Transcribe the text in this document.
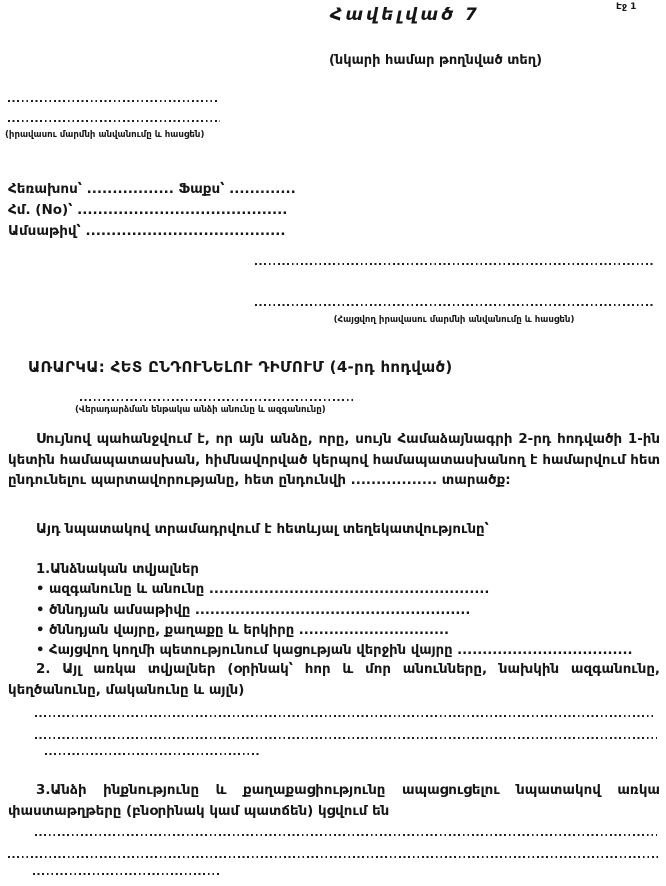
Հավելված 7	Էջ 1
(նկարի համար թողնված տեղ)
(իրավասու մարմնի անվանումը և հասցեն)
Հեռախոս՝ ................. Ֆաքս՝ .............
Հմ. (No)՝ .........................................
Ամսաթիվ՝ .......................................
(Հայցվող իրավասու մարմնի անվանումը և հասցեն)
ԱՌԱՐԿԱ: ՀԵՏ ԸՆԴՈՒՆԵԼՈՒ ԴԻՄՈՒՄ (4-րդ հոդված)
(Վերադարձման ենթակա անձի անունը և ազգանունը)
Սույնով պահանջվում է, որ այն անձը, որը, սույն Համաձայնագրի 2-րդ հոդվածի 1-ին կետին համապատասխան, հիմնավորված կերպով համապատասխանող է համարվում հետ ընդունելու պարտավորությանը, հետ ընդունվի ................. տարածք:
Այդ նպատակով տրամադրվում է հետևյալ տեղեկատվությունը՝
1.Անձնական տվյալներ
• ազգանունը և անունը ........................................................
• ծննդյան ամսաթիվը .......................................................
• ծննդյան վայրը, քաղաքը և երկիրը ..............................
• Հայցվող կողմի պետությունում կացության վերջին վայրը ...................................
2. Այլ առկա տվյալներ (օրինակ՝ հոր և մոր անունները, նախկին ազգանունը, կեղծանունը, մականունը և այլն)
3.Անձի ինքնությունը և քաղաքացիությունը ապացուցելու նպատակով առկա փաստաթղթերը (բնօրինակ կամ պատճեն) կցվում են
